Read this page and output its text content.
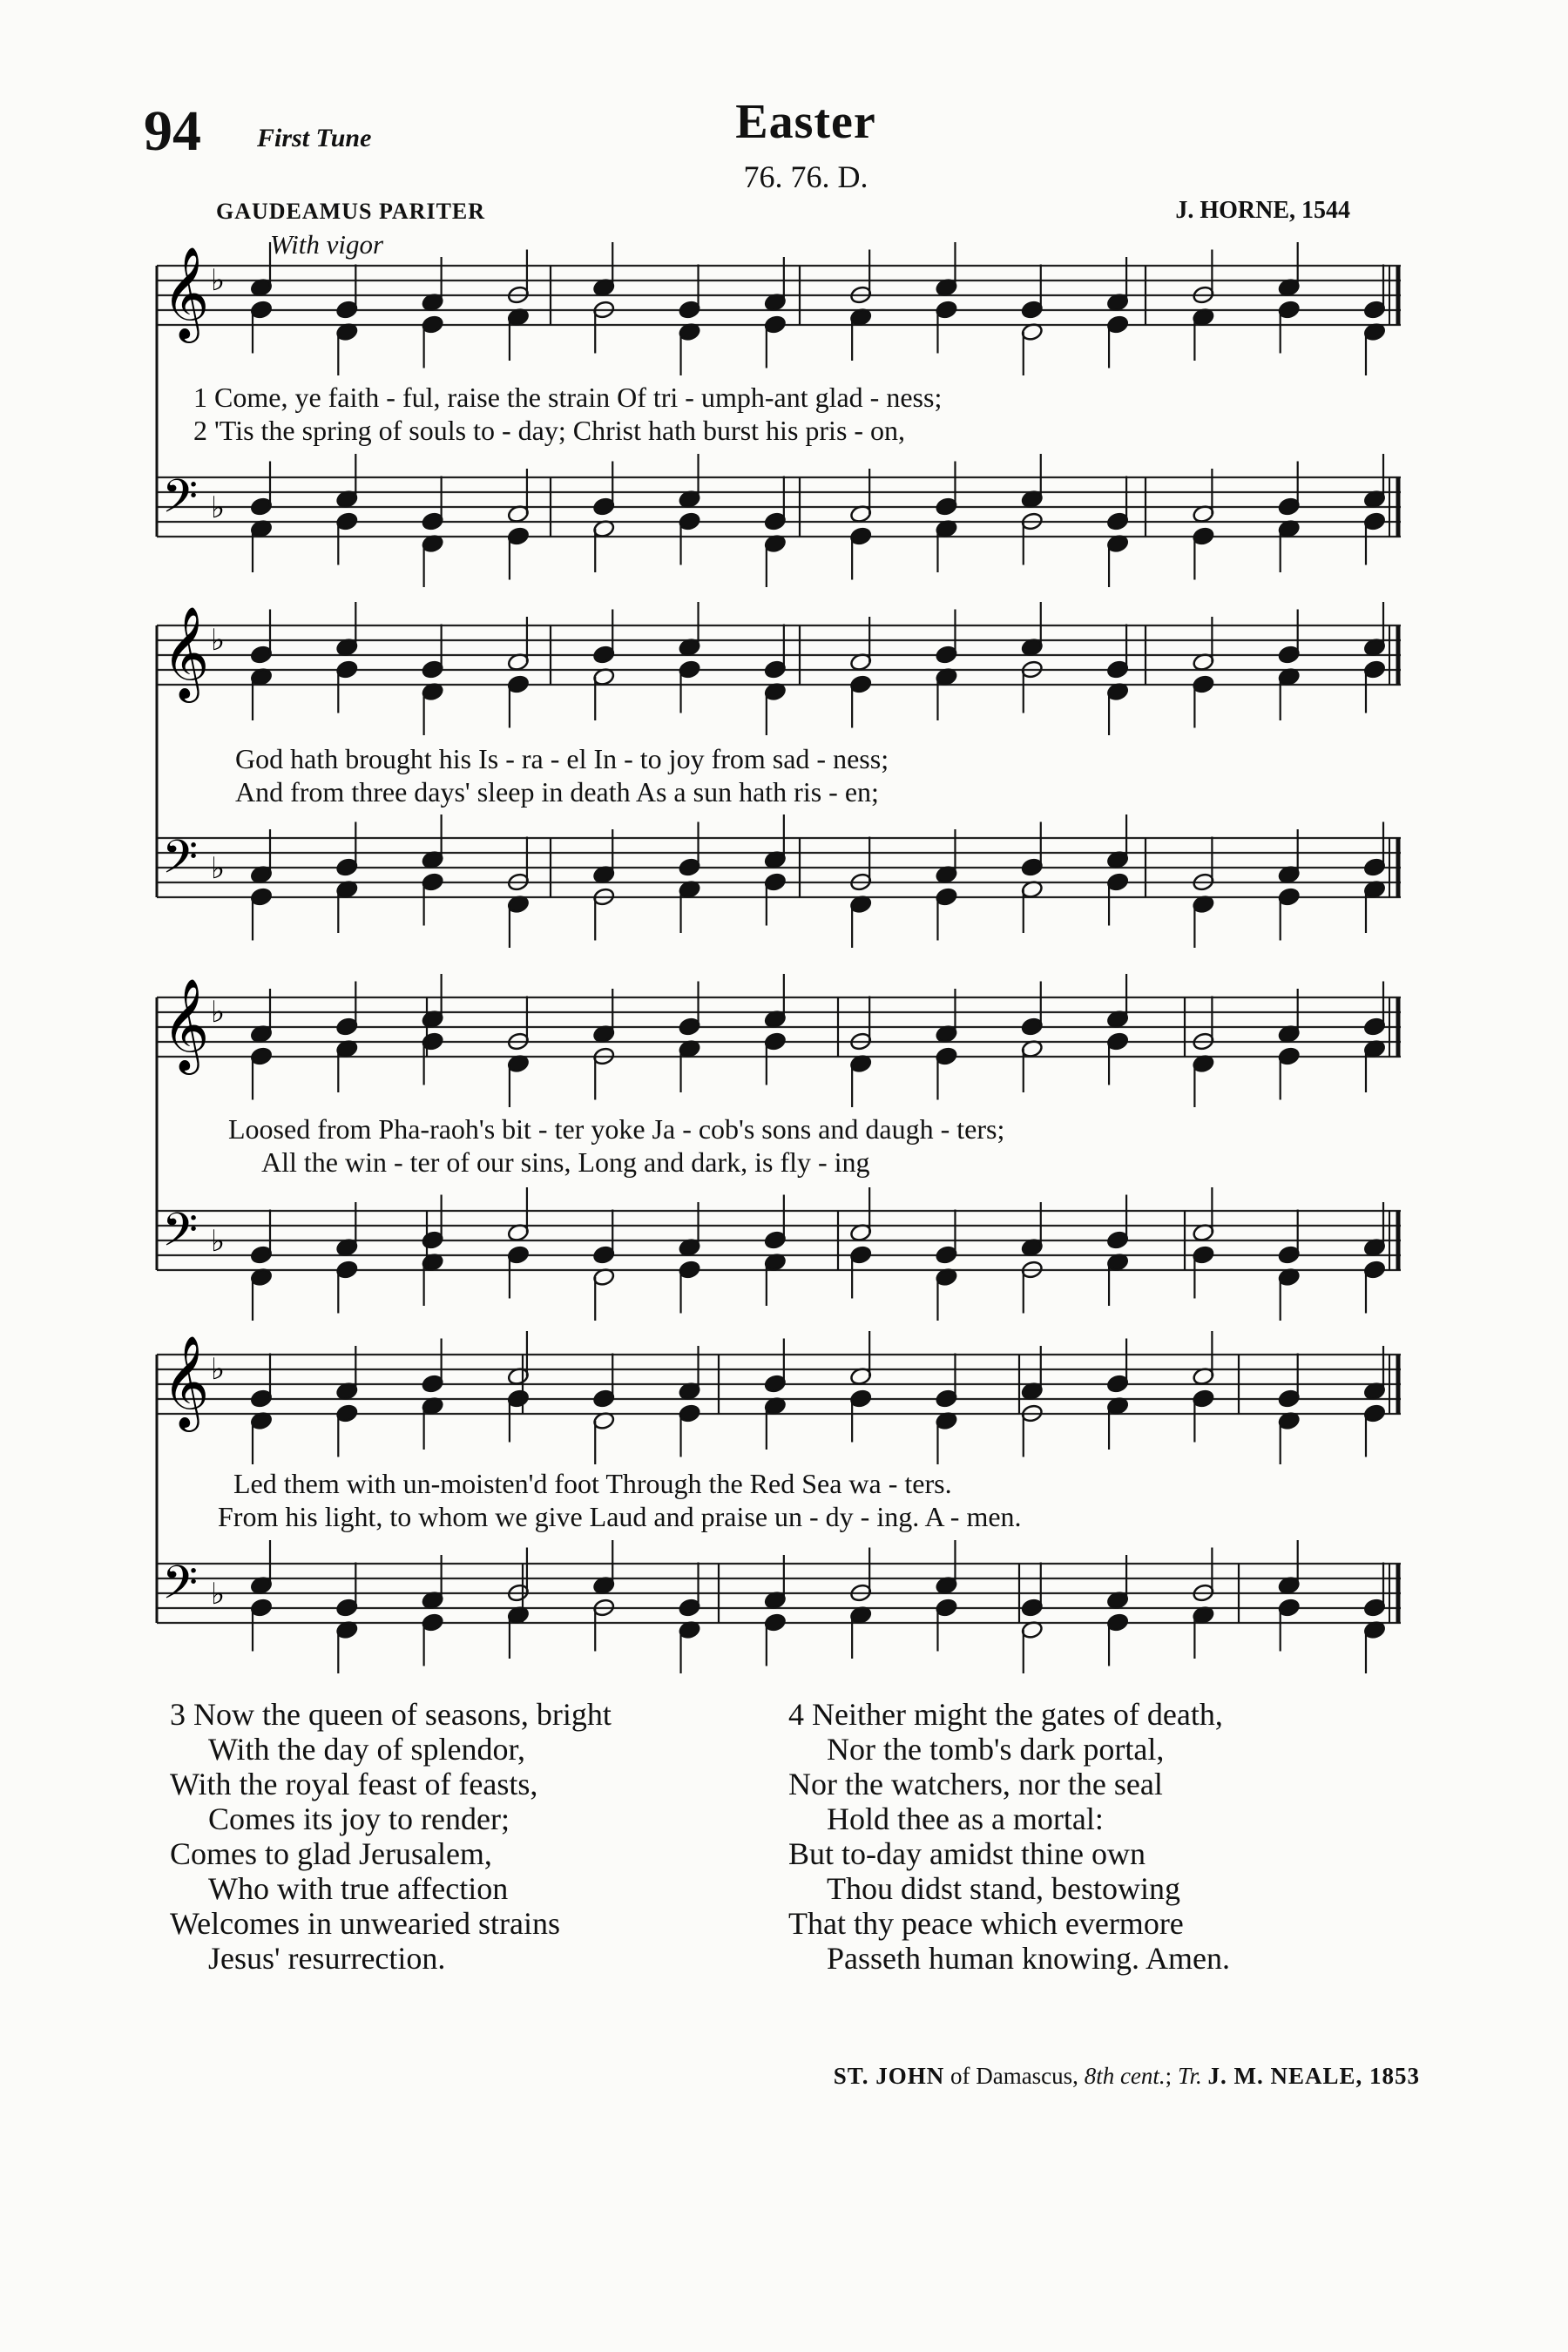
94 First Tune	Easter
76. 76. D.
GAUDEAMUS PARITER	J. HORNE, 1544
With vigor
𝄞 ♭
𝄢 ♭
𝄞 ♭
𝄢 ♭
𝄞 ♭
𝄢 ♭
𝄞 ♭
𝄢 ♭
1 Come, ye faith - ful, raise the strain Of tri - umph-ant glad - ness;
2 'Tis the spring of souls to - day; Christ hath burst his pris - on,
God hath brought his Is - ra - el In - to joy from sad - ness;
And from three days' sleep in death As a sun hath ris - en;
Loosed from Pha-raoh's bit - ter yoke Ja - cob's sons and daugh - ters;
All the win - ter of our sins, Long and dark, is fly - ing
Led them with un-moisten'd foot Through the Red Sea wa - ters.
From his light, to whom we give Laud and praise un - dy - ing. A - men.
3 Now the queen of seasons, bright
With the day of splendor,
With the royal feast of feasts,
Comes its joy to render;
Comes to glad Jerusalem,
Who with true affection
Welcomes in unwearied strains
Jesus' resurrection.
4 Neither might the gates of death,
Nor the tomb's dark portal,
Nor the watchers, nor the seal
Hold thee as a mortal:
But to-day amidst thine own
Thou didst stand, bestowing
That thy peace which evermore
Passeth human knowing. Amen.
ST. JOHN of Damascus, 8th cent.; Tr. J. M. NEALE, 1853
